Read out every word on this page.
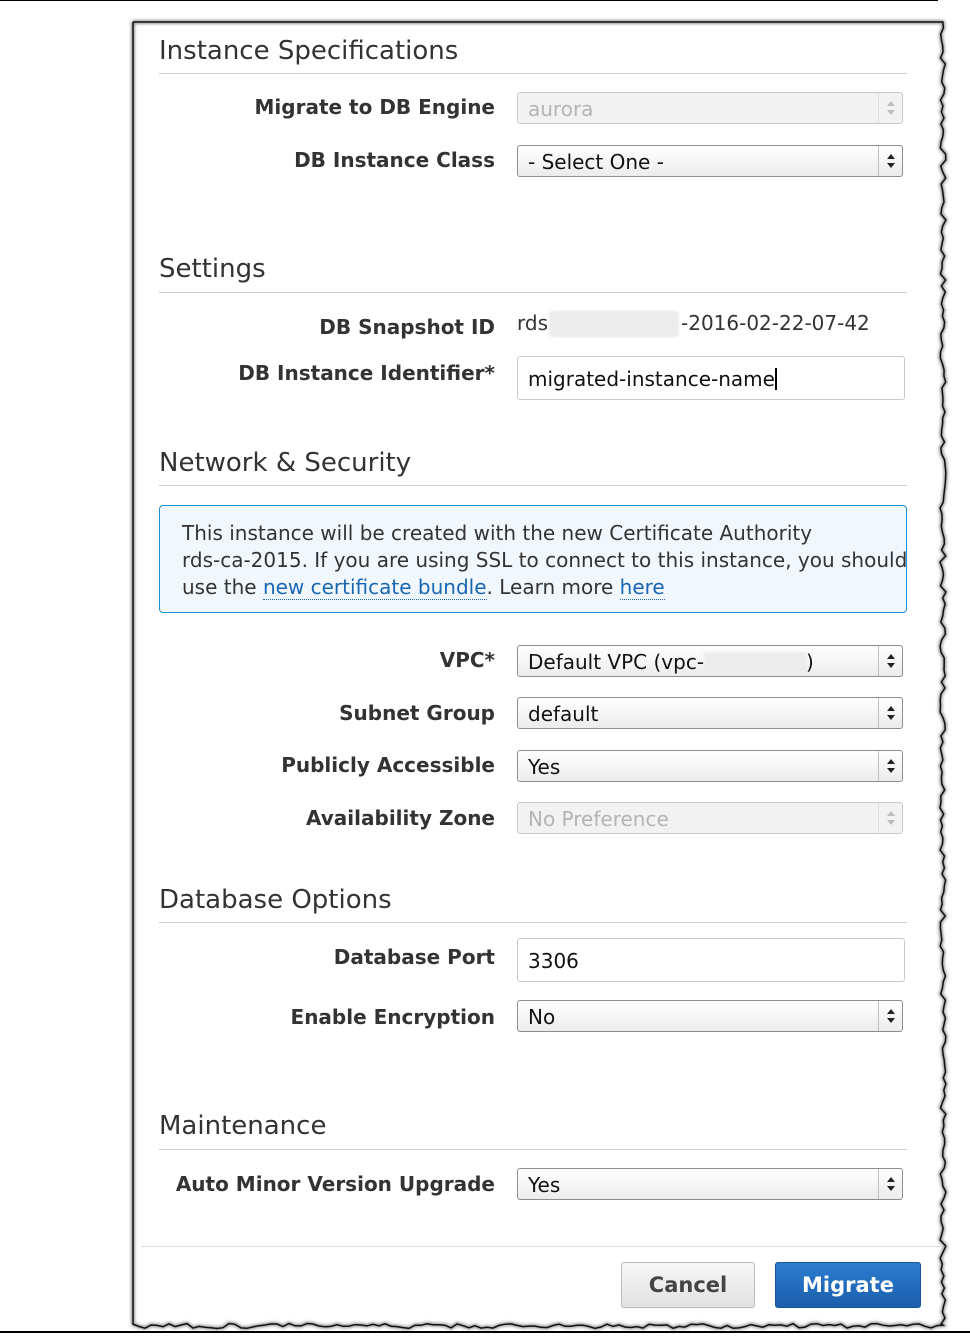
Instance Specifications
Migrate to DB Engine aurora
DB Instance Class - Select One -
Settings
DB Snapshot ID rds	-2016-02-22-07-42
DB Instance Identifier* migrated-instance-name
Network & Security

This instance will be created with the new Certificate Authority

rds-ca-2015. If you are using SSL to connect to this instance, you should

use the new certificate bundle. Learn more here

VPC* Default VPC (vpc-	)
Subnet Group default
Publicly Accessible Yes
Availability Zone No Preference
Database Options
Database Port 3306
Enable Encryption No
Maintenance
Auto Minor Version Upgrade Yes
Cancel	Migrate
